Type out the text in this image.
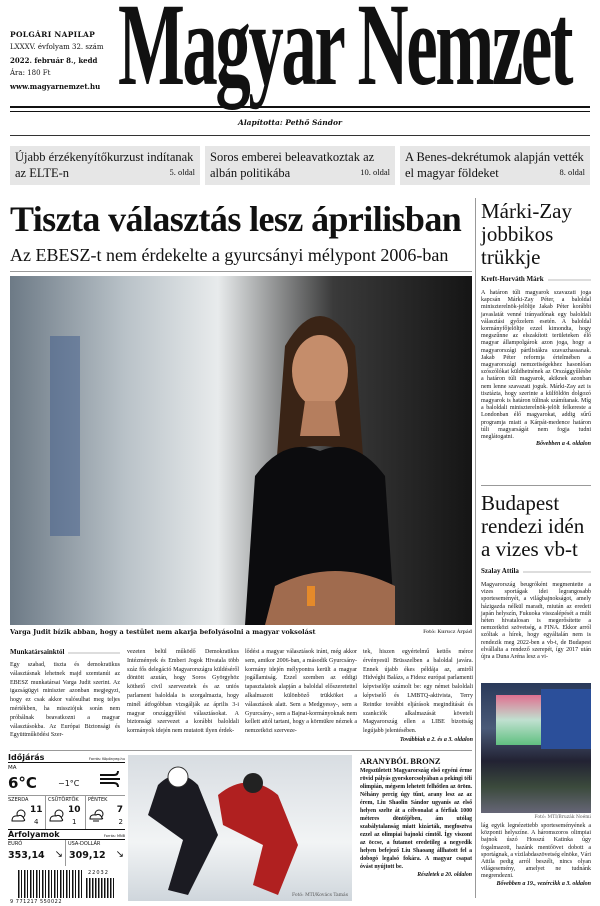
POLGÁRI NAPILAP
LXXXV. évfolyam 32. szám
2022. február 8., kedd
Ára: 180 Ft
www.magyarnemzet.hu Magyar Nemzet
Alapította: Pethő Sándor
Újabb érzékenyítőkurzust indítanak az ELTE-n	5. oldal
Soros emberei beleavatkoztak az albán politikába	10. oldal
A Benes-dekrétumok alapján vették el magyar földeket	8. oldal
Tiszta választás lesz áprilisban
Az EBESZ-t nem érdekelte a gyurcsányi mélypont 2006-ban
Varga Judit bízik abban, hogy a testület nem akarja befolyásolni a magyar voksolást	Fotó: Kurucz Árpád
Munkatársainktól
Egy szabad, tiszta és demokratikus választásnak lehetnek majd szemtanúi az EBESZ munkatársai Varga Judit szerint. Az igazságügyi miniszter azonban megjegyzi, hogy ez csak akkor valósulhat meg teljes mértékben, ha missziójuk során nem próbálnak beavatkozni a magyar választásokba. Az Európai Biztonsági és Együttműködési Szer-
vezeten belül működő Demokratikus Intézmények és Emberi Jogok Hivatala több száz fős delegáció Magyarországra küldéséről döntött azután, hogy Soros Györgyhöz köthető civil szervezetek és az uniós parlament baloldala is szorgalmazta, hogy minél átfogóbban vizsgálják az április 3-i magyar országgyűlési választásokat. A biztonsági szervezet a korábbi baloldali kormányok idején nem mutatott ilyen érdek-
lődést a magyar választások iránt, még akkor sem, amikor 2006-ban, a második Gyurcsány-kormány idején mélypontra került a magyar jogállamiság. Ezzel szemben az eddigi tapasztalatok alapján a baloldal előszeretettel alkalmazott különböző trükköket a választások alatt. Sem a Medgyessy-, sem a Gyurcsány-, sem a Bajnai-kormányoknak nem kellett attól tartani, hogy a körmükre néznek a nemzetközi szerveze-
tek, hiszen egyértelmű kettős mérce érvényesül Brüsszelben a baloldal javára. Ennek újabb ékes példája az, amiről Hidvéghi Balázs, a Fidesz európai parlamenti képviselője számolt be: egy német baloldali képviselő és LMBTQ-aktivista, Terry Reintke további eljárások megindítását és szankciók alkalmazását követeli Magyarország ellen a LIBE bizottság legújabb jelentésében.
Továbbiak a 2. és a 3. oldalon
Márki-Zay jobbikos trükkje
Kreft-Horváth Márk
A határon túli magyarok szavazati joga kapcsán Márki-Zay Péter, a baloldal miniszterelnök-jelöltje Jakab Péter korábbi javaslatát venné irányadónak egy baloldali választási győzelem esetén. A baloldal kormányfőjelöltje ezzel kimondta, hogy megszűnne az elszakított területeken élő magyar állampolgárok azon joga, hogy a magyarországi pártlistákra szavazhassanak. Jakab Péter reformja értelmében a magyarországi nemzetiségekhez hasonlóan szószólókat küldhetnének az Országgyűlésbe a határon túli magyarok, akiknek azonban nem lenne szavazati joguk. Márki-Zay azt is tisztázta, hogy szerinte a külföldön dolgozó magyarok is határon túlinak számítanak. Míg a baloldali miniszterelnök-jelölt felkereste a Londonban élő magyarokat, addig sűrű programja miatt a Kárpát-medence határon túli magyarságát nem fogja tudni meglátogatni.
Bővebben a 4. oldalon
Budapest rendezi idén a vizes vb-t
Szalay Attila
Magyarország beugróként megmentette a vizes sportágak idei legrangosabb sporteseményét, a világbajnokságot, amely házigazda nélkül maradt, miután az eredeti japán helyszín, Fukuoka visszalépését a múlt héten hivatalosan is megerősítette a nemzetközi szövetség, a FINA. Ekkor arról szóltak a hírek, hogy egyáltalán nem is rendezik meg 2022-ben a vb-t, de Budapest elvállalta a rendező szerepét, így 2017 után újra a Duna Aréna lesz a vi-
Fotó: MTI/Bruzák Noémi
lág egyik legnézettebb sporteseményének a központi helyszíne. A háromszoros olimpiai bajnok úszó Hosszú Katinka úgy fogalmazott, hazánk mentőövet dobott a sportágnak, a vízilabdaszövetség elnöke, Vári Attila pedig arról beszélt, nincs olyan világesemény, amelyet ne tudnánk megrendezni.
Bővebben a 19., vezércikk a 3. oldalon
Időjárás	Forrás: Köpönyeg.hu
MA
6°C	−1°C
SZERDA
11
4
CSÜTÖRTÖK
10
1
PÉNTEK
7
2
Árfolyamok	Forrás: MNB
EURÓ
353,14 ↘
USA-DOLLÁR
309,12 ↘
22032
9 771217 550022
Fotó: MTI/Kovács Tamás
ARANYBÓL BRONZ
Megszületett Magyarország első egyéni érme rövid pályás gyorskorcsolyában a pekingi téli olimpián, mégsem lehetett felhőtlen az öröm. Néhány percig úgy tűnt, arany lesz az az érem, Liu Shaolin Sándor ugyanis az első helyen szelte át a célvonalat a férfiak 1000 méteres döntőjében, ám utólag szabálytalanság miatt kizárták, megfosztva ezzel az olimpiai bajnoki címtől. Így viszont az öccse, a futamot eredetileg a negyedik helyen befejező Liu Shaoang állhatott fel a dobogó legalsó fokára. A magyar csapat óvást nyújtott be.
Részletek a 20. oldalon
